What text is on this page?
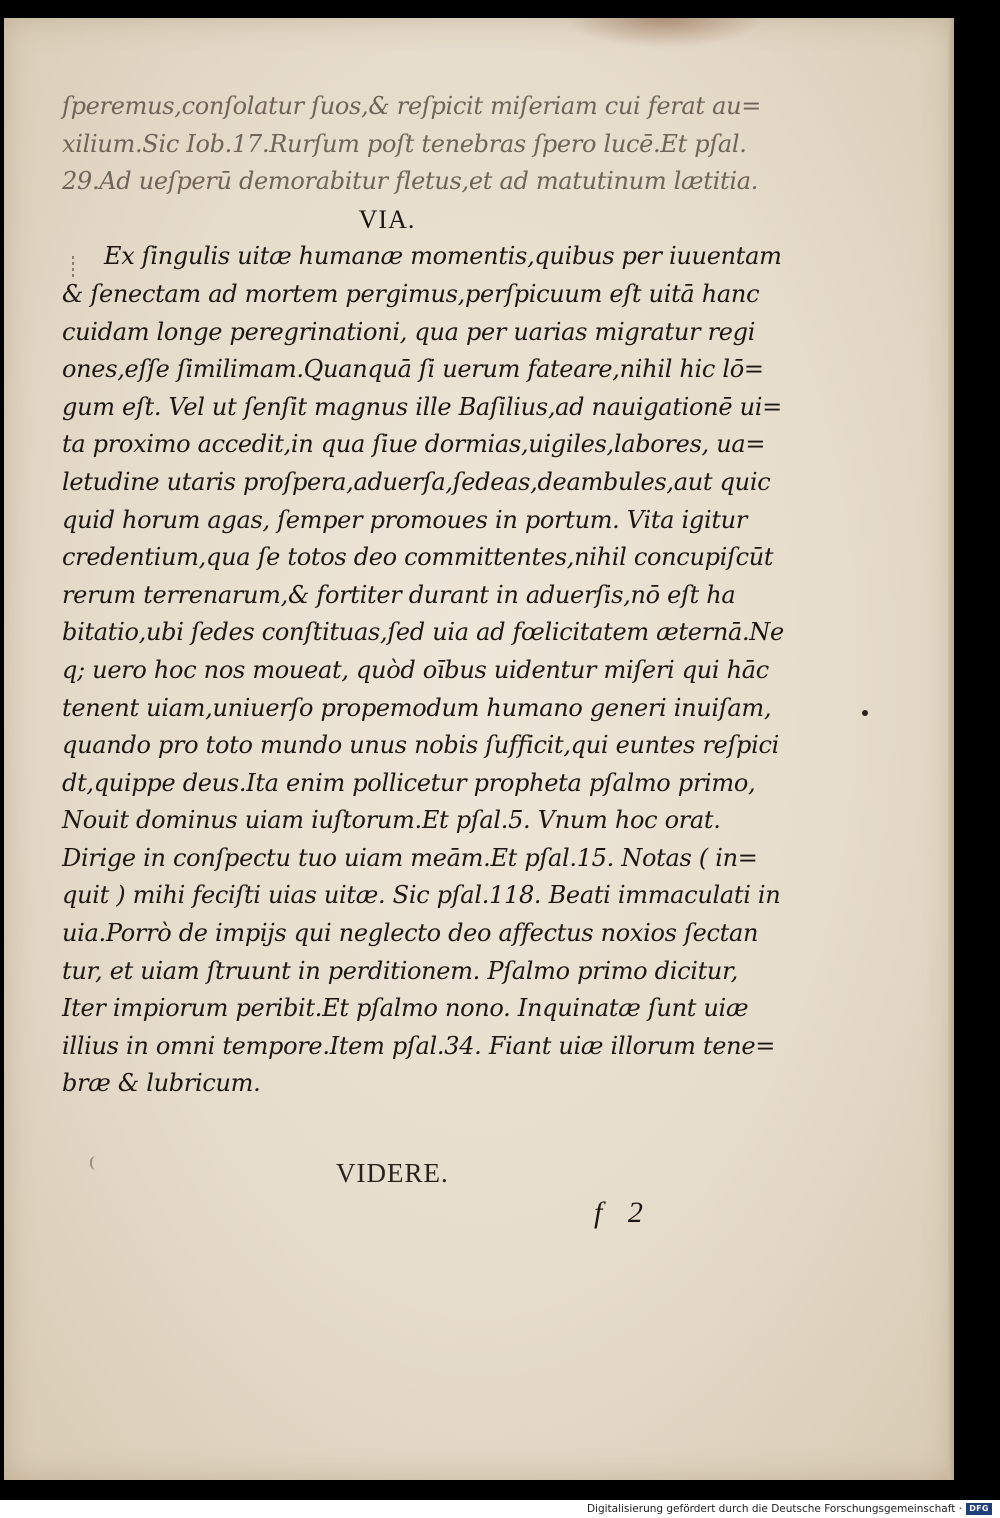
ſperemus,conſolatur ſuos,& reſpicit miſeriam cui ferat au=
xilium.Sic Iob.17.Rurſum poſt tenebras ſpero lucē.Et pſal.
29.Ad ueſperū demorabitur fletus,et ad matutinum lætitia.
VIA.
Ex ſingulis uitæ humanæ momentis,quibus per iuuentam
& ſenectam ad mortem pergimus,perſpicuum eſt uitā hanc
cuidam longe peregrinationi, qua per uarias migratur regi
ones,eſſe ſimilimam.Quanquā ſi uerum fateare,nihil hic lō=
gum eſt. Vel ut ſenſit magnus ille Baſilius,ad nauigationē ui=
ta proximo accedit,in qua ſiue dormias,uigiles,labores, ua=
letudine utaris proſpera,aduerſa,ſedeas,deambules,aut quic
quid horum agas, ſemper promoues in portum. Vita igitur
credentium,qua ſe totos deo committentes,nihil concupiſcūt
rerum terrenarum,& fortiter durant in aduerſis,nō eſt ha
bitatio,ubi ſedes conſtituas,ſed uia ad fœlicitatem æternā.Ne
q; uero hoc nos moueat, quòd oībus uidentur miſeri qui hāc
tenent uiam,uniuerſo propemodum humano generi inuiſam,
quando pro toto mundo unus nobis ſufficit,qui euntes reſpici
dt,quippe deus.Ita enim pollicetur propheta pſalmo primo,
Nouit dominus uiam iuſtorum.Et pſal.5. Vnum hoc orat.
Dirige in conſpectu tuo uiam meām.Et pſal.15. Notas ( in=
quit ) mihi feciſti uias uitæ. Sic pſal.118. Beati immaculati in
uia.Porrò de impijs qui neglecto deo affectus noxios ſectan
tur, et uiam ſtruunt in perditionem. Pſalmo primo dicitur,
Iter impiorum peribit.Et pſalmo nono. Inquinatæ ſunt uiæ
illius in omni tempore.Item pſal.34. Fiant uiæ illorum tene=
bræ & lubricum.
VIDERE.
f 2
Digitalisierung gefördert durch die Deutsche Forschungsgemeinschaft · DFG
